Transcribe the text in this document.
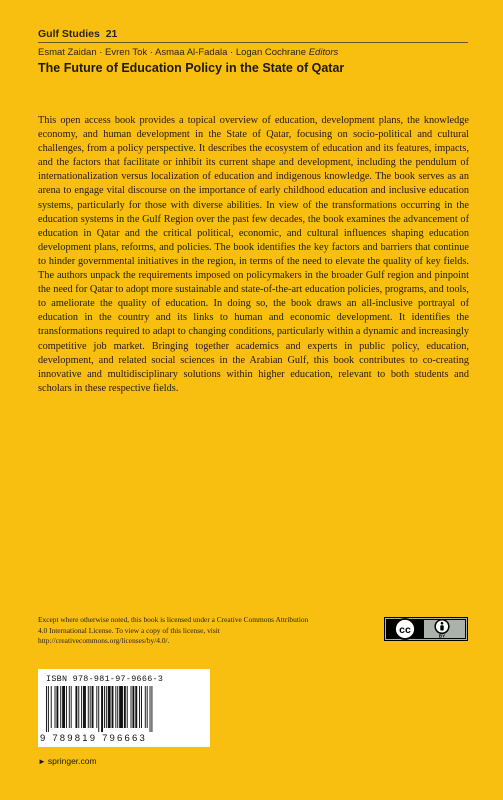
Gulf Studies 21
Esmat Zaidan · Evren Tok · Asmaa Al-Fadala · Logan Cochrane Editors
The Future of Education Policy in the State of Qatar

This open access book provides a topical overview of education, development plans, the knowledge economy, and human development in the State of Qatar, focusing on socio-political and cultural challenges, from a policy perspective. It describes the ecosystem of education and its features, impacts, and the factors that facilitate or inhibit its current shape and development, including the pendulum of internationalization versus localization of education and indigenous knowledge. The book serves as an arena to engage vital discourse on the importance of early childhood education and inclusive education systems, particularly for those with diverse abilities. In view of the transformations occurring in the education systems in the Gulf Region over the past few decades, the book examines the advancement of education in Qatar and the critical political, economic, and cultural influences shaping education development plans, reforms, and policies. The book identifies the key factors and barriers that continue to hinder governmental initiatives in the region, in terms of the need to elevate the quality of key fields. The authors unpack the requirements imposed on policymakers in the broader Gulf region and pinpoint the need for Qatar to adopt more sustainable and state-of-the-art education policies, programs, and tools, to ameliorate the quality of education. In doing so, the book draws an all-inclusive portrayal of education in the country and its links to human and economic development. It identifies the transformations required to adapt to changing conditions, particularly within a dynamic and increasingly competitive job market. Bringing together academics and experts in public policy, education, development, and related social sciences in the Arabian Gulf, this book contributes to co-creating innovative and multidisciplinary solutions within higher education, relevant to both students and scholars in these respective fields.

Except where otherwise noted, this book is licensed under a Creative Commons Attribution 4.0 International License. To view a copy of this license, visit http://creativecommons.org/licenses/by/4.0/.

cc
BY
ISBN 978-981-97-9666-3
9 789819 796663
► springer.com
